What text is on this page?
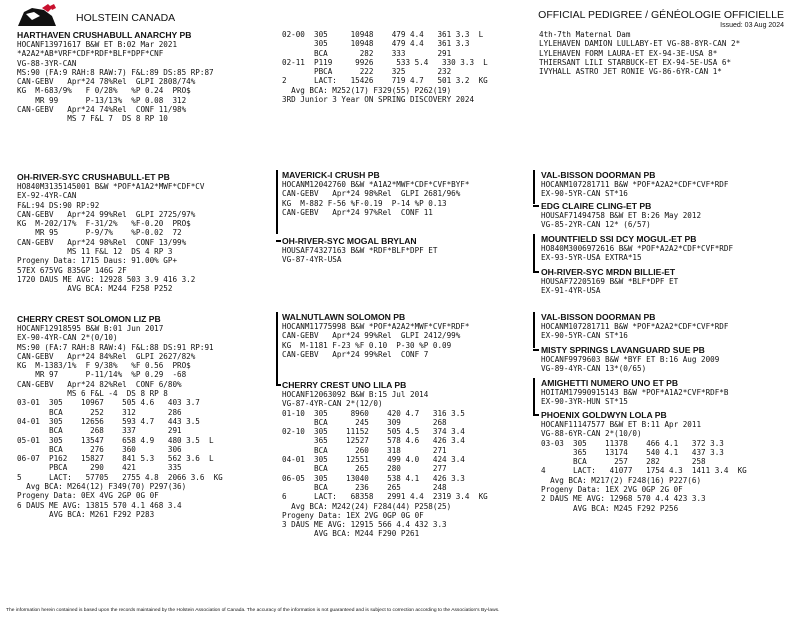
HOLSTEIN CANADA	OFFICIAL PEDIGREE / GÉNÉOLOGIE OFFICIELLE
Issued: 03 Aug 2024
HARTHAVEN CRUSHABULL ANARCHY PB
HOCANF13971617 B&W ET B:02 Mar 2021
*A2A2*AB*VRF*CDF*RDF*BLF*DPF*CNF
VG-88-3YR-CAN
MS:90 (FA:9 RAH:8 RAW:7) F&L:89 DS:85 RP:87
CAN-GEBV   Apr*24 78%Rel  GLPI 2808/74%
KG  M-683/9%   F 0/28%   %P 0.24  PRO$
MR 99      P-13/13%  %P 0.08  312
CAN-GEBV   Apr*24 74%Rel  CONF 11/98%
MS 7 F&L 7  DS 8 RP 10
02-00  305     10948    479 4.4   361 3.3  L
305     10948    479 4.4   361 3.3
BCA       282    333       291
02-11  P119     9926     533 5.4   330 3.3  L
PBCA      222    325       232
2      LACT:   15426    719 4.7   501 3.2  KG
Avg BCA: M252(17) F329(55) P262(19)
3RD Junior 3 Year ON SPRING DISCOVERY 2024
4th-7th Maternal Dam
LYLEHAVEN DAMION LULLABY-ET VG-88-8YR-CAN 2*
LYLEHAVEN FORM LAURA-ET EX-94-3E-USA 8*
THIERSANT LILI STARBUCK-ET EX-94-5E-USA 6*
IVYHALL ASTRO JET RONIE VG-86-6YR-CAN 1*
OH-RIVER-SYC CRUSHABULL-ET PB
HO840M3135145001 B&W *POF*A1A2*MWF*CDF*CV
EX-92-4YR-CAN
F&L:94 DS:90 RP:92
CAN-GEBV   Apr*24 99%Rel  GLPI 2725/97%
KG  M-202/17%  F-31/2%   %F-0.20  PRO$
MR 95      P-9/7%    %P-0.02  72
CAN-GEBV   Apr*24 98%Rel  CONF 13/99%
MS 11 F&L 12  DS 4 RP 3
Progeny Data: 1715 Daus: 91.00% GP+
57EX 675VG 835GP 146G 2F
1720 DAUS ME AVG: 12928 503 3.9 416 3.2
AVG BCA: M244 F258 P252
MAVERICK-I CRUSH PB
HOCANM12042760 B&W *A1A2*MWF*CDF*CVF*BYF*
CAN-GEBV   Apr*24 98%Rel  GLPI 2681/96%
KG  M-882 F-56 %F-0.19  P-14 %P 0.13
CAN-GEBV   Apr*24 97%Rel  CONF 11
OH-RIVER-SYC MOGAL BRYLAN
HOUSAF74327163 B&W *RDF*BLF*DPF ET
VG-87-4YR-USA
VAL-BISSON DOORMAN PB
HOCANM107281711 B&W *POF*A2A2*CDF*CVF*RDF
EX-90-5YR-CAN ST*16
EDG CLAIRE CLING-ET PB
HOUSAF71494758 B&W ET B:26 May 2012
VG-85-2YR-CAN 12* (6/57)
MOUNTFIELD SSI DCY MOGUL-ET PB
HO840M3006972616 B&W *POF*A2A2*CDF*CVF*RDF
EX-93-5YR-USA EXTRA*15
OH-RIVER-SYC MRDN BILLIE-ET
HOUSAF72205169 B&W *BLF*DPF ET
EX-91-4YR-USA
CHERRY CREST SOLOMON LIZ PB
HOCANF12918595 B&W B:01 Jun 2017
EX-90-4YR-CAN 2*(0/10)
MS:90 (FA:7 RAH:8 RAW:4) F&L:88 DS:91 RP:91
CAN-GEBV   Apr*24 84%Rel  GLPI 2627/82%
KG  M-1383/1%  F 9/38%   %F 0.56  PRO$
MR 97      P-11/14%  %P 0.29  -68
CAN-GEBV   Apr*24 82%Rel  CONF 6/80%
MS 6 F&L -4  DS 8 RP 8
03-01  305    10967    505 4.6   403 3.7
BCA      252    312       286
04-01  305    12656    593 4.7   443 3.5
BCA      268    337       291
05-01  305    13547    658 4.9   480 3.5  L
BCA      276    360       306
06-07  P162   15827    841 5.3   562 3.6  L
PBCA     290    421       335
5      LACT:   57705   2755 4.8  2066 3.6  KG
Avg BCA: M264(12) F349(70) P297(36)
Progeny Data: 0EX 4VG 2GP 0G 0F
6 DAUS ME AVG: 13815 570 4.1 468 3.4
AVG BCA: M261 F292 P283
WALNUTLAWN SOLOMON PB
HOCANM11775998 B&W *POF*A2A2*MWF*CVF*RDF*
CAN-GEBV   Apr*24 99%Rel  GLPI 2412/99%
KG  M-1181 F-23 %F 0.10  P-30 %P 0.09
CAN-GEBV   Apr*24 99%Rel  CONF 7
CHERRY CREST UNO LILA PB
HOCANF12063092 B&W B:15 Jul 2014
VG-87-4YR-CAN 2*(12/0)
01-10  305     8960    420 4.7   316 3.5
BCA      245    309       268
02-10  305    11152    505 4.5   374 3.4
365    12527    578 4.6   426 3.4
BCA      260    318       271
04-01  305    12551    499 4.0   424 3.4
BCA      265    280       277
06-05  305    13040    538 4.1   426 3.3
BCA      236    265       248
6      LACT:   68358   2991 4.4  2319 3.4  KG
Avg BCA: M242(24) F284(44) P258(25)
Progeny Data: 1EX 2VG 0GP 0G 0F
3 DAUS ME AVG: 12915 566 4.4 432 3.3
AVG BCA: M244 F290 P261
VAL-BISSON DOORMAN PB
HOCANM107281711 B&W *POF*A2A2*CDF*CVF*RDF
EX-90-5YR-CAN ST*16
MISTY SPRINGS LAVANGUARD SUE PB
HOCANF9979603 B&W *BYF ET B:16 Aug 2009
VG-89-4YR-CAN 13*(0/65)
AMIGHETTI NUMERO UNO ET PB
HOITAM17990915143 B&W *POF*A1A2*CVF*RDF*B
EX-90-3YR-HUN ST*15
PHOENIX GOLDWYN LOLA PB
HOCANF11147577 B&W ET B:11 Apr 2011
VG-88-6YR-CAN 2*(10/0)
03-03  305    11378    466 4.1   372 3.3
365    13174    540 4.1   437 3.3
BCA      257    282       258
4      LACT:   41077   1754 4.3  1411 3.4  KG
Avg BCA: M217(2) F248(16) P227(6)
Progeny Data: 1EX 2VG 0GP 2G 0F
2 DAUS ME AVG: 12968 570 4.4 423 3.3
AVG BCA: M245 F292 P256
The information herein contained is based upon the records maintained by the Holstein Association of Canada. The accuracy of the information is not guaranteed and is subject to correction according to the Association's By-laws.
